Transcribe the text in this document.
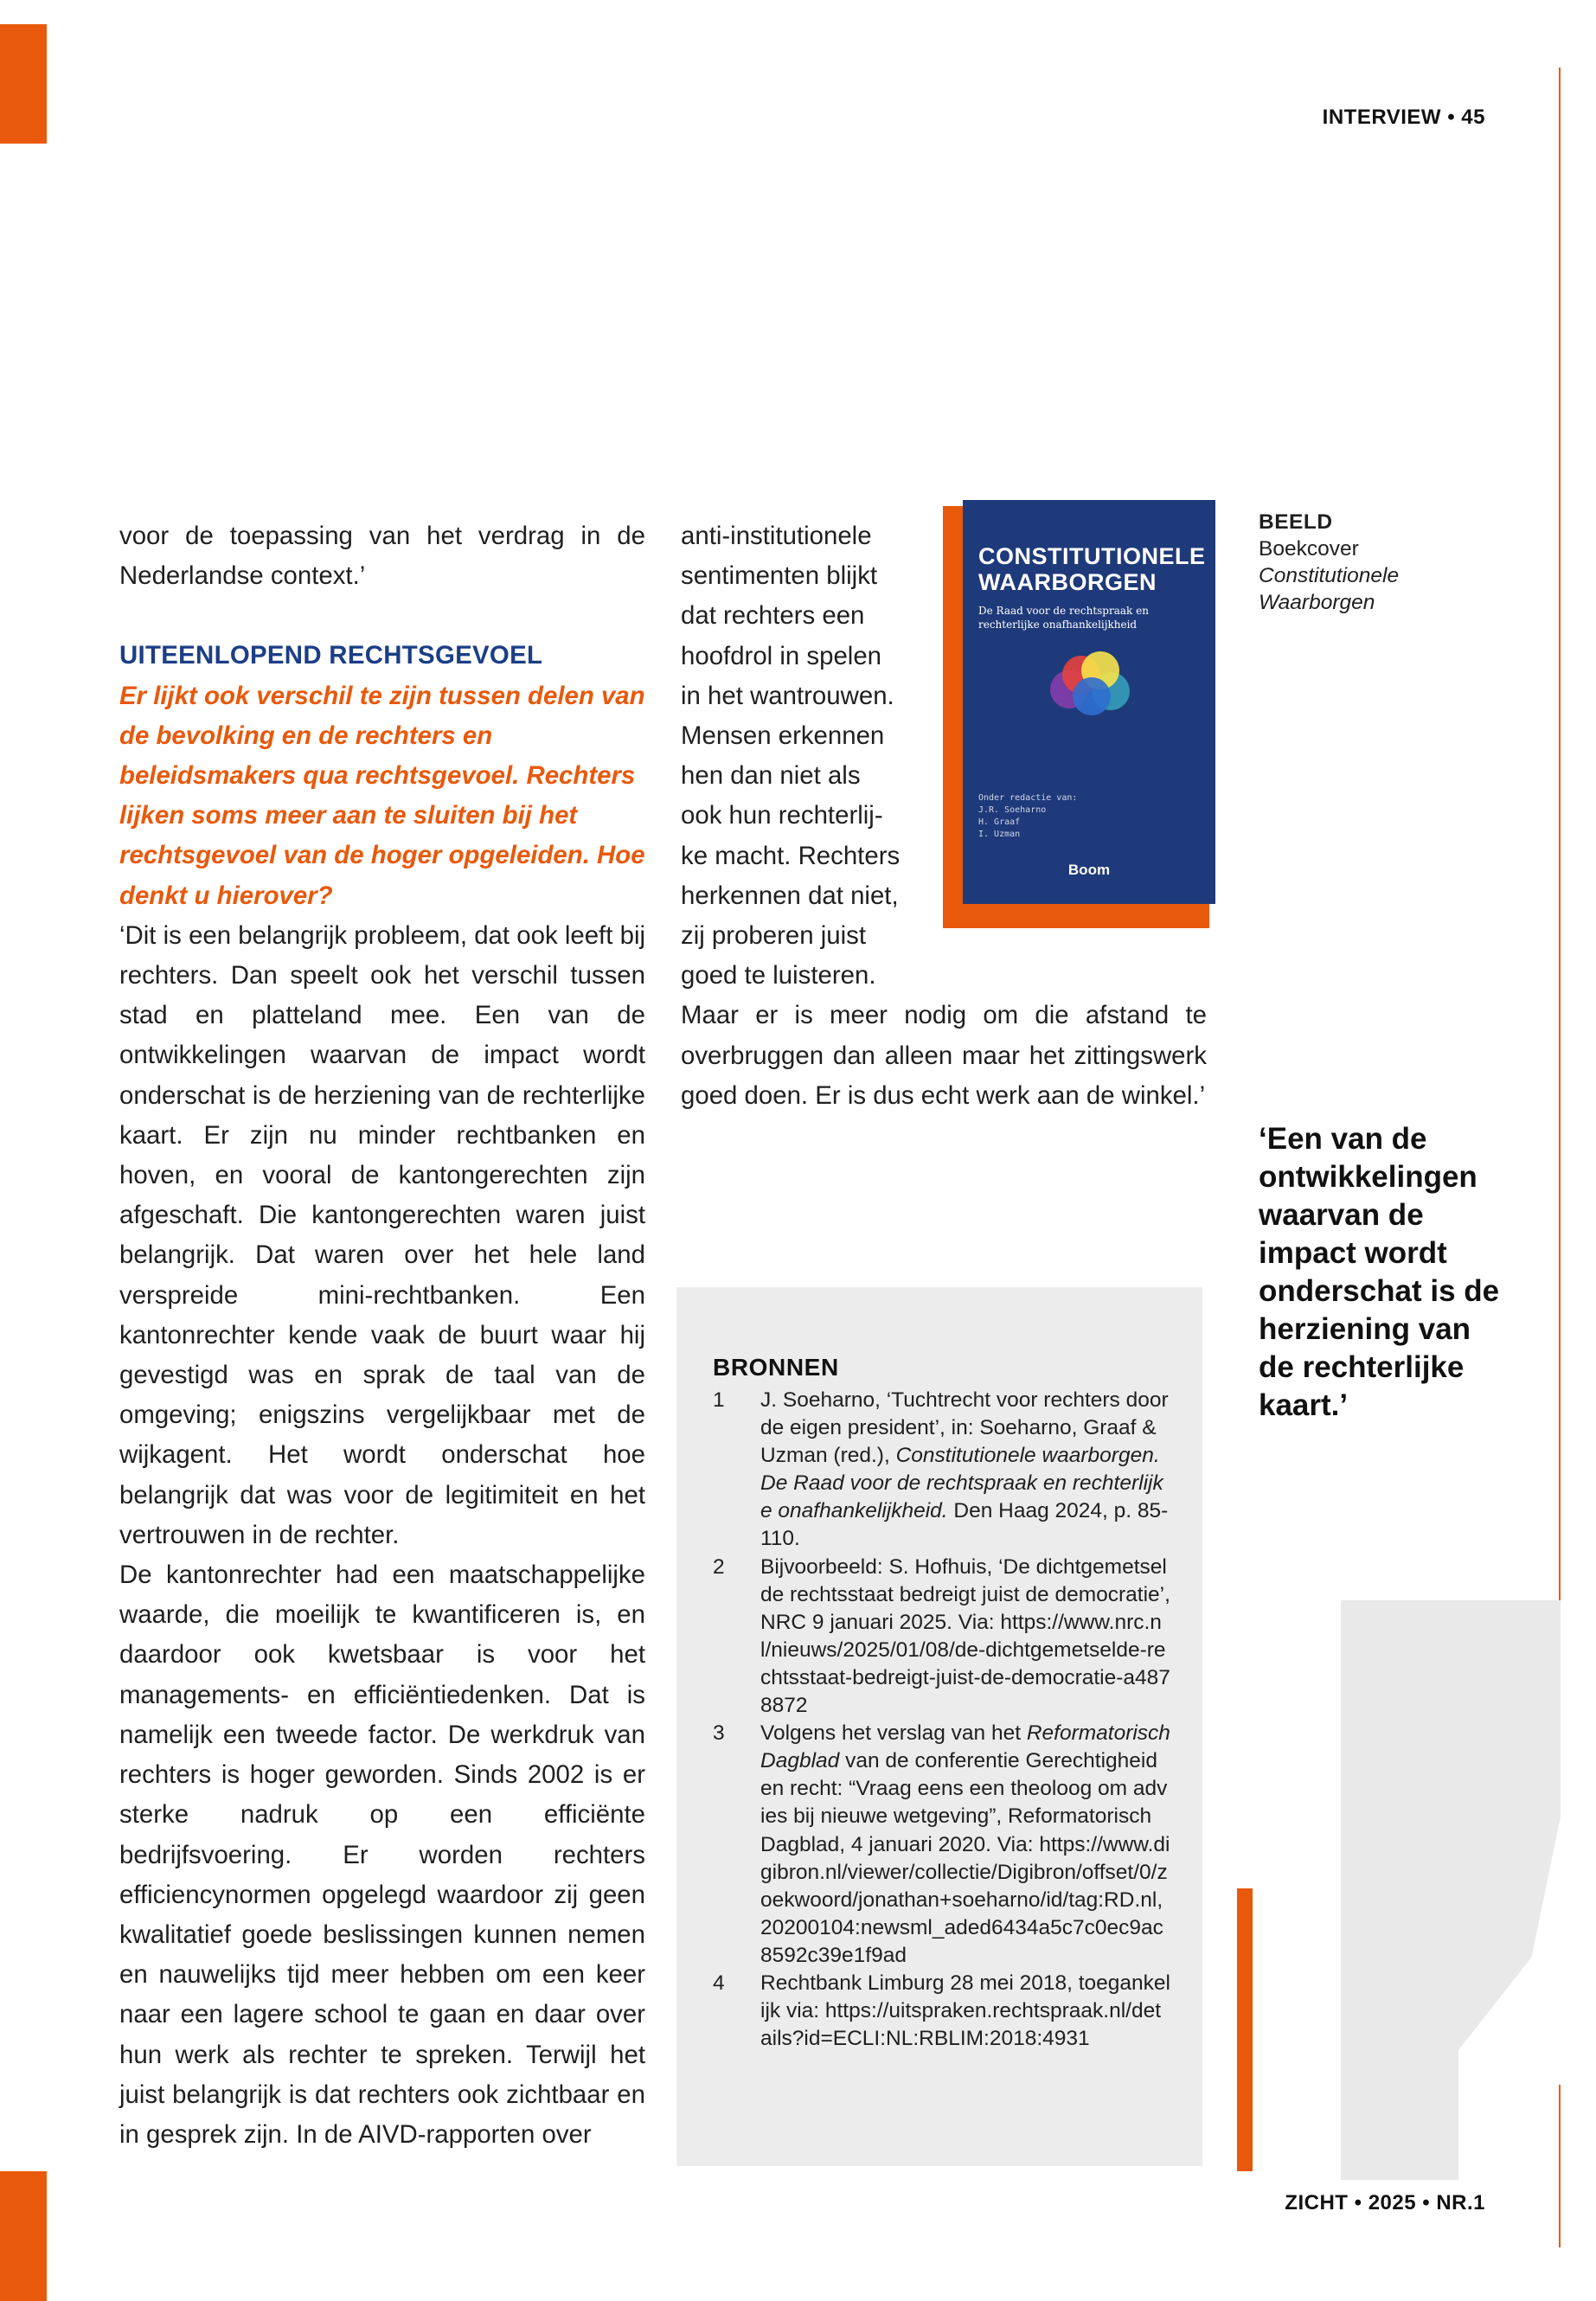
INTERVIEW • 45

voor de toepassing van het verdrag in de Nederlandse context.’

UITEENLOPEND RECHTSGEVOEL

Er lijkt ook verschil te zijn tussen delen van de bevolking en de rechters en beleidsmakers qua rechtsgevoel. Rechters lijken soms meer aan te sluiten bij het rechtsgevoel van de hoger opgeleiden. Hoe denkt u hierover?

‘Dit is een belangrijk probleem, dat ook leeft bij rechters. Dan speelt ook het verschil tussen stad en platteland mee. Een van de ontwikkelingen waarvan de impact wordt onderschat is de herziening van de rechterlijke kaart. Er zijn nu minder rechtbanken en hoven, en vooral de kantongerechten zijn afgeschaft. Die kantongerechten waren juist belangrijk. Dat waren over het hele land verspreide mini-rechtbanken. Een kantonrechter kende vaak de buurt waar hij gevestigd was en sprak de taal van de omgeving; enigszins vergelijkbaar met de wijkagent. Het wordt onderschat hoe belangrijk dat was voor de legitimiteit en het vertrouwen in de rechter.

De kantonrechter had een maatschappelijke waarde, die moeilijk te kwantificeren is, en daardoor ook kwetsbaar is voor het managements- en efficiëntiedenken. Dat is namelijk een tweede factor. De werkdruk van rechters is hoger geworden. Sinds 2002 is er sterke nadruk op een efficiënte bedrijfsvoering. Er worden rechters efficiencynormen opgelegd waardoor zij geen kwalitatief goede beslissingen kunnen nemen en nauwelijks tijd meer hebben om een keer naar een lagere school te gaan en daar over hun werk als rechter te spreken. Terwijl het juist belangrijk is dat rechters ook zichtbaar en in gesprek zijn. In de AIVD-rapporten over

anti-institutionele
sentimenten blijkt
dat rechters een
hoofdrol in spelen
in het wantrouwen.
Mensen erkennen
hen dan niet als
ook hun rechterlij-
ke macht. Rechters
herkennen dat niet,
zij proberen juist
goed te luisteren.

Maar er is meer nodig om die afstand te overbruggen dan alleen maar het zittingswerk goed doen. Er is dus echt werk aan de winkel.’

CONSTITUTIONELE
WAARBORGEN
De Raad voor de rechtspraak en rechterlijke onafhankelijkheid
Onder redactie van:
J.R. Soeharno
H. Graaf
I. Uzman
Boom
BEELD
Boekcover
Constitutionele
Waarborgen
‘Een van de ontwikkelingen waarvan de impact wordt onderschat is de herziening van de rechterlijke kaart.’
BRONNEN
1 J. Soeharno, ‘Tuchtrecht voor rechters door de eigen president’, in: Soeharno, Graaf & Uzman (red.), Constitutionele waarborgen. De Raad voor de rechtspraak en rechterlijke onafhankelijkheid. Den Haag 2024, p. 85-110.
2 Bijvoorbeeld: S. Hofhuis, ‘De dichtgemetselde rechtsstaat bedreigt juist de democratie’, NRC 9 januari 2025. Via: https://www.nrc.nl/nieuws/2025/01/08/de-dichtgemetselde-rechtsstaat-bedreigt-juist-de-democratie-a4878872
3 Volgens het verslag van het Reformatorisch Dagblad van de conferentie Gerechtigheid en recht: “Vraag eens een theoloog om advies bij nieuwe wetgeving”, Reformatorisch Dagblad, 4 januari 2020. Via: https://www.digibron.nl/viewer/collectie/Digibron/offset/0/zoekwoord/jonathan+soeharno/id/tag:RD.nl,20200104:newsml_aded6434a5c7c0ec9ac8592c39e1f9ad
4 Rechtbank Limburg 28 mei 2018, toegankelijk via: https://uitspraken.rechtspraak.nl/details?id=ECLI:NL:RBLIM:2018:4931
ZICHT • 2025 • NR.1
